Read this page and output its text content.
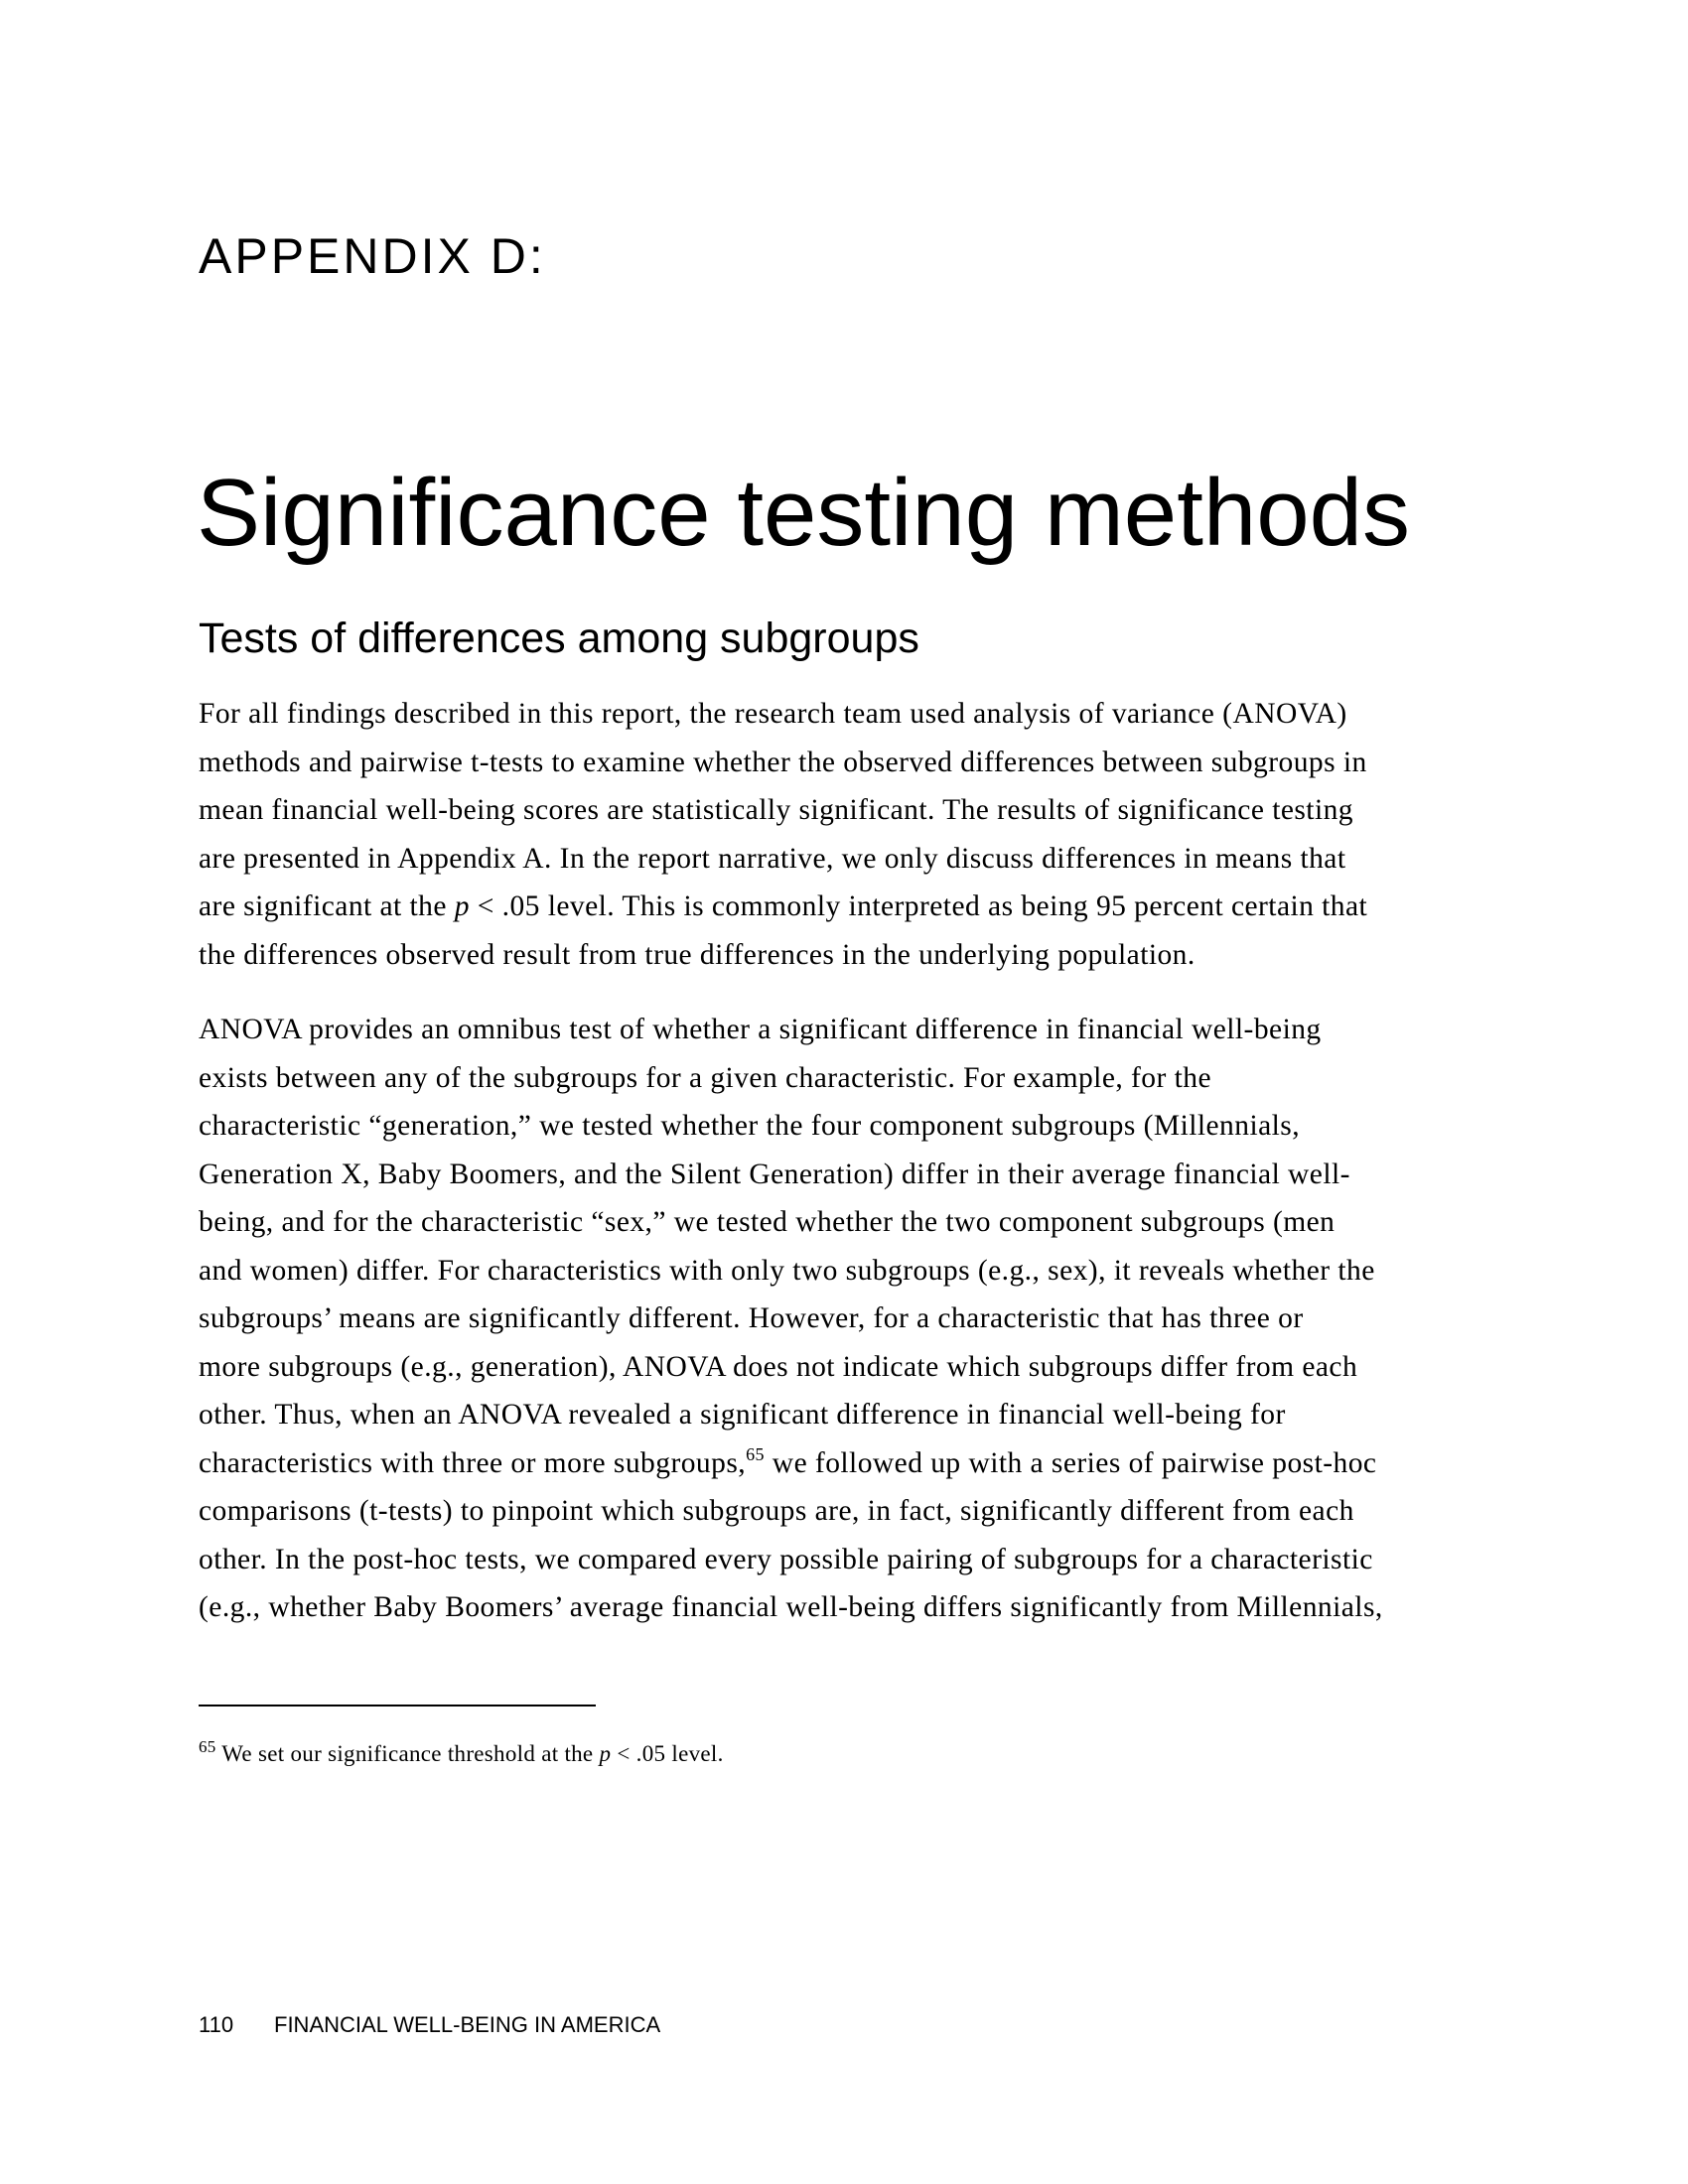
APPENDIX D:
Significance testing methods
Tests of differences among subgroups

For all findings described in this report, the research team used analysis of variance (ANOVA)
methods and pairwise t-tests to examine whether the observed differences between subgroups in
mean financial well-being scores are statistically significant. The results of significance testing
are presented in Appendix A. In the report narrative, we only discuss differences in means that
are significant at the p < .05 level. This is commonly interpreted as being 95 percent certain that
the differences observed result from true differences in the underlying population.

ANOVA provides an omnibus test of whether a significant difference in financial well-being
exists between any of the subgroups for a given characteristic. For example, for the
characteristic “generation,” we tested whether the four component subgroups (Millennials,
Generation X, Baby Boomers, and the Silent Generation) differ in their average financial well-
being, and for the characteristic “sex,” we tested whether the two component subgroups (men
and women) differ. For characteristics with only two subgroups (e.g., sex), it reveals whether the
subgroups’ means are significantly different. However, for a characteristic that has three or
more subgroups (e.g., generation), ANOVA does not indicate which subgroups differ from each
other. Thus, when an ANOVA revealed a significant difference in financial well-being for
characteristics with three or more subgroups,$^{65}$ we followed up with a series of pairwise post-hoc
comparisons (t-tests) to pinpoint which subgroups are, in fact, significantly different from each
other. In the post-hoc tests, we compared every possible pairing of subgroups for a characteristic
(e.g., whether Baby Boomers’ average financial well-being differs significantly from Millennials,

$^{65}$ We set our significance threshold at the p < .05 level.
110 FINANCIAL WELL-BEING IN AMERICA
